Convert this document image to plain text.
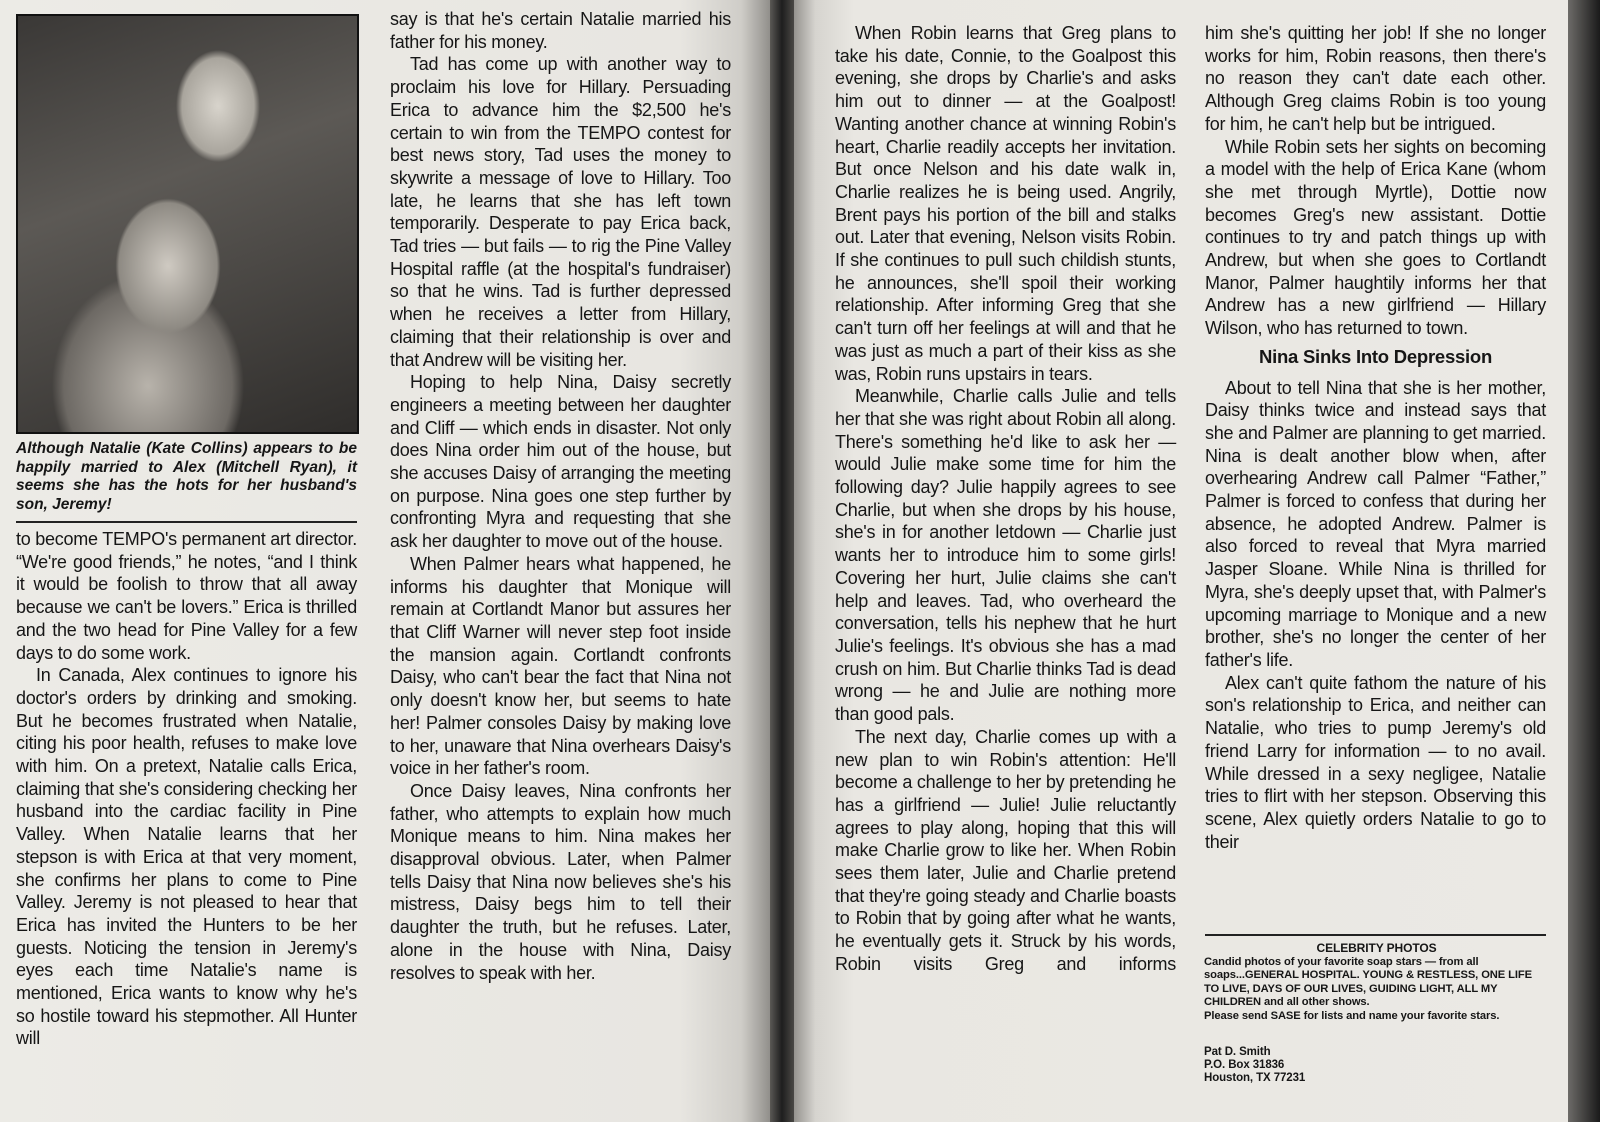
Although Natalie (Kate Collins) appears to be happily married to Alex (Mitchell Ryan), it seems she has the hots for her husband's son, Jeremy!

to become TEMPO's permanent art director. “We're good friends,” he notes, “and I think it would be foolish to throw that all away because we can't be lovers.” Erica is thrilled and the two head for Pine Valley for a few days to do some work.

In Canada, Alex continues to ignore his doctor's orders by drinking and smoking. But he becomes frustrated when Natalie, citing his poor health, refuses to make love with him. On a pretext, Natalie calls Erica, claiming that she's considering checking her husband into the cardiac facility in Pine Valley. When Natalie learns that her stepson is with Erica at that very moment, she confirms her plans to come to Pine Valley. Jeremy is not pleased to hear that Erica has invited the Hunters to be her guests. Noticing the tension in Jeremy's eyes each time Natalie's name is mentioned, Erica wants to know why he's so hostile toward his stepmother. All Hunter will

say is that he's certain Natalie married his father for his money.

Tad has come up with another way to proclaim his love for Hillary. Persuading Erica to advance him the $2,500 he's certain to win from the TEMPO contest for best news story, Tad uses the money to skywrite a message of love to Hillary. Too late, he learns that she has left town temporarily. Desperate to pay Erica back, Tad tries — but fails — to rig the Pine Valley Hospital raffle (at the hospital's fundraiser) so that he wins. Tad is further depressed when he receives a letter from Hillary, claiming that their relationship is over and that Andrew will be visiting her.

Hoping to help Nina, Daisy secretly engineers a meeting between her daughter and Cliff — which ends in disaster. Not only does Nina order him out of the house, but she accuses Daisy of arranging the meeting on purpose. Nina goes one step further by confronting Myra and requesting that she ask her daughter to move out of the house.

When Palmer hears what happened, he informs his daughter that Monique will remain at Cortlandt Manor but assures her that Cliff Warner will never step foot inside the mansion again. Cortlandt confronts Daisy, who can't bear the fact that Nina not only doesn't know her, but seems to hate her! Palmer consoles Daisy by making love to her, unaware that Nina overhears Daisy's voice in her father's room.

Once Daisy leaves, Nina confronts her father, who attempts to explain how much Monique means to him. Nina makes her disapproval obvious. Later, when Palmer tells Daisy that Nina now believes she's his mistress, Daisy begs him to tell their daughter the truth, but he refuses. Later, alone in the house with Nina, Daisy resolves to speak with her.

When Robin learns that Greg plans to take his date, Connie, to the Goalpost this evening, she drops by Charlie's and asks him out to dinner — at the Goalpost! Wanting another chance at winning Robin's heart, Charlie readily accepts her invitation. But once Nelson and his date walk in, Charlie realizes he is being used. Angrily, Brent pays his portion of the bill and stalks out. Later that evening, Nelson visits Robin. If she continues to pull such childish stunts, he announces, she'll spoil their working relationship. After informing Greg that she can't turn off her feelings at will and that he was just as much a part of their kiss as she was, Robin runs upstairs in tears.

Meanwhile, Charlie calls Julie and tells her that she was right about Robin all along. There's something he'd like to ask her — would Julie make some time for him the following day? Julie happily agrees to see Charlie, but when she drops by his house, she's in for another letdown — Charlie just wants her to introduce him to some girls! Covering her hurt, Julie claims she can't help and leaves. Tad, who overheard the conversation, tells his nephew that he hurt Julie's feelings. It's obvious she has a mad crush on him. But Charlie thinks Tad is dead wrong — he and Julie are nothing more than good pals.

The next day, Charlie comes up with a new plan to win Robin's attention: He'll become a challenge to her by pretending he has a girlfriend — Julie! Julie reluctantly agrees to play along, hoping that this will make Charlie grow to like her. When Robin sees them later, Julie and Charlie pretend that they're going steady and Charlie boasts to Robin that by going after what he wants, he eventually gets it. Struck by his words, Robin visits Greg and informs

him she's quitting her job! If she no longer works for him, Robin reasons, then there's no reason they can't date each other. Although Greg claims Robin is too young for him, he can't help but be intrigued.

While Robin sets her sights on becoming a model with the help of Erica Kane (whom she met through Myrtle), Dottie now becomes Greg's new assistant. Dottie continues to try and patch things up with Andrew, but when she goes to Cortlandt Manor, Palmer haughtily informs her that Andrew has a new girlfriend — Hillary Wilson, who has returned to town.

Nina Sinks Into Depression

About to tell Nina that she is her mother, Daisy thinks twice and instead says that she and Palmer are planning to get married. Nina is dealt another blow when, after overhearing Andrew call Palmer “Father,” Palmer is forced to confess that during her absence, he adopted Andrew. Palmer is also forced to reveal that Myra married Jasper Sloane. While Nina is thrilled for Myra, she's deeply upset that, with Palmer's upcoming marriage to Monique and a new brother, she's no longer the center of her father's life.

Alex can't quite fathom the nature of his son's relationship to Erica, and neither can Natalie, who tries to pump Jeremy's old friend Larry for information — to no avail. While dressed in a sexy negligee, Natalie tries to flirt with her stepson. Observing this scene, Alex quietly orders Natalie to go to their

CELEBRITY PHOTOS
Candid photos of your favorite soap stars — from all soaps...GENERAL HOSPITAL. YOUNG & RESTLESS, ONE LIFE TO LIVE, DAYS OF OUR LIVES, GUIDING LIGHT, ALL MY CHILDREN and all other shows.
Please send SASE for lists and name your favorite stars.
Pat D. Smith
P.O. Box 31836
Houston, TX 77231
